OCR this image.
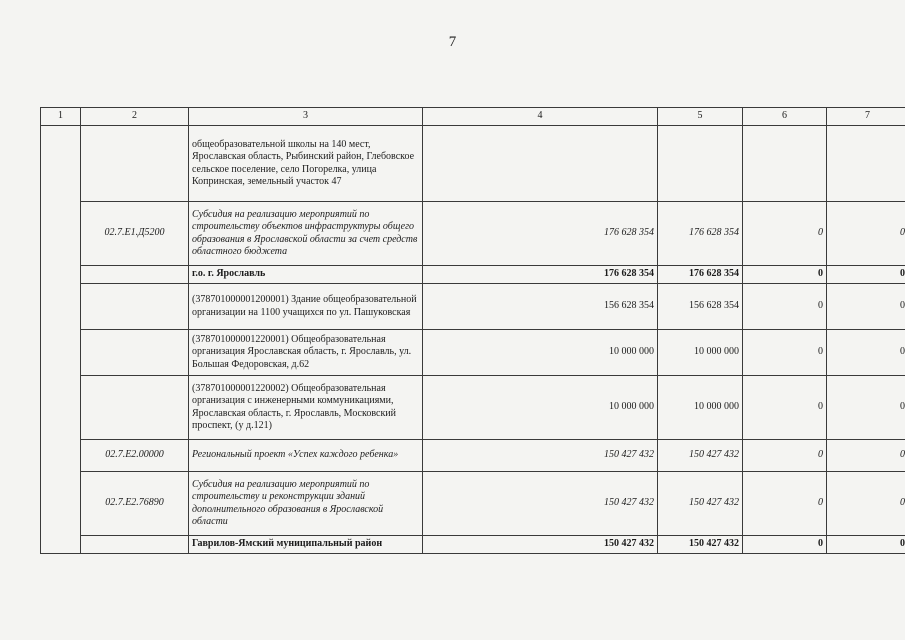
7
1	2	3	4	5	6	7
		общеобразовательной школы на 140 мест, Ярославская область, Рыбинский район, Глебовское сельское поселение, село Погорелка, улица Копринская, земельный участок 47				
	02.7.Е1.Д5200	Субсидия на реализацию мероприятий по строительству объектов инфраструктуры общего образования в Ярославской области за счет средств областного бюджета	176 628 354	176 628 354	0	0
		г.о. г. Ярославль	176 628 354	176 628 354	0	0
		(378701000001200001) Здание общеобразовательной организации на 1100 учащихся по ул. Пашуковская	156 628 354	156 628 354	0	0
		(378701000001220001) Общеобразовательная организация Ярославская область, г. Ярославль, ул. Большая Федоровская, д.62	10 000 000	10 000 000	0	0
		(378701000001220002) Общеобразовательная организация с инженерными коммуникациями, Ярославская область, г. Ярославль, Московский проспект, (у д.121)	10 000 000	10 000 000	0	0
	02.7.Е2.00000	Региональный проект «Успех каждого ребенка»	150 427 432	150 427 432	0	0
	02.7.Е2.76890	Субсидия на реализацию мероприятий по строительству и реконструкции зданий дополнительного образования в Ярославской области	150 427 432	150 427 432	0	0
		Гаврилов-Ямский муниципальный район	150 427 432	150 427 432	0	0
